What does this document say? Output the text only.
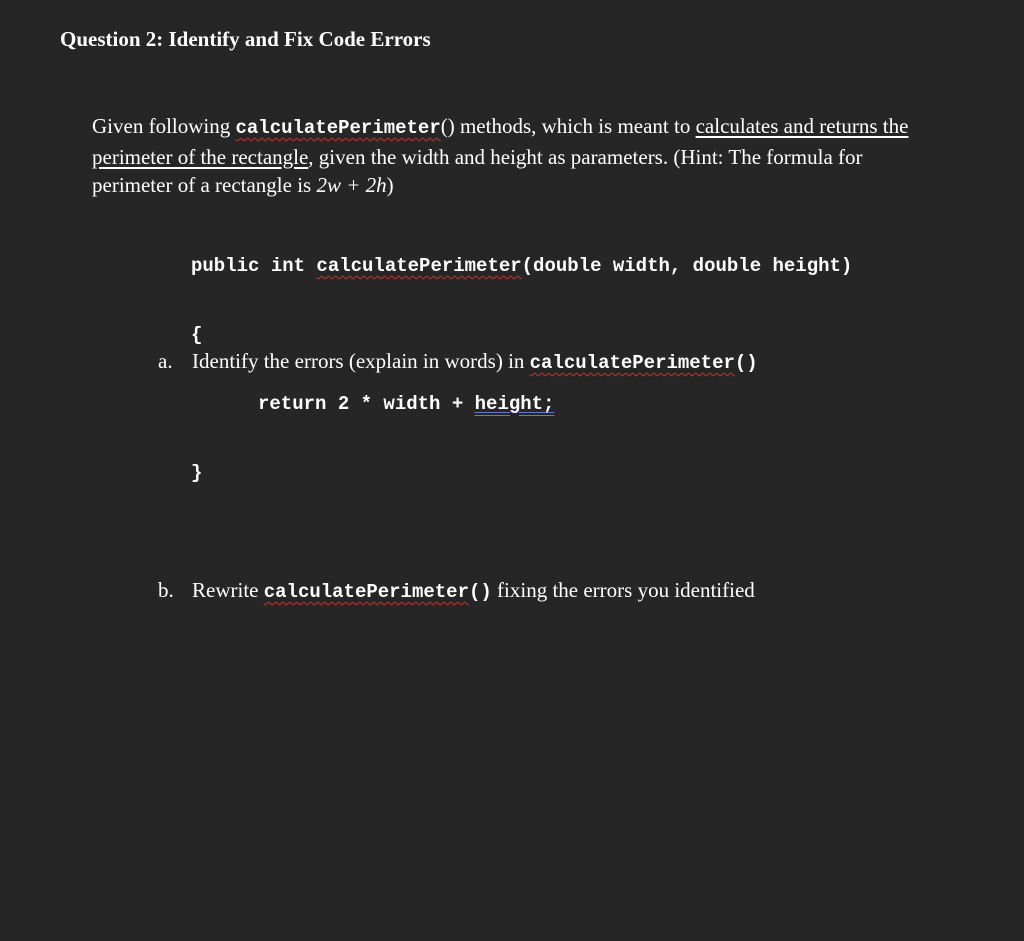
Question 2: Identify and Fix Code Errors
Given following calculatePerimeter() methods, which is meant to calculates and returns the perimeter of the rectangle, given the width and height as parameters. (Hint: The formula for perimeter of a rectangle is 2w + 2h)

public int calculatePerimeter(double width, double height)

{

return 2 * width + height;

}

a. Identify the errors (explain in words) in calculatePerimeter()
b. Rewrite calculatePerimeter() fixing the errors you identified
